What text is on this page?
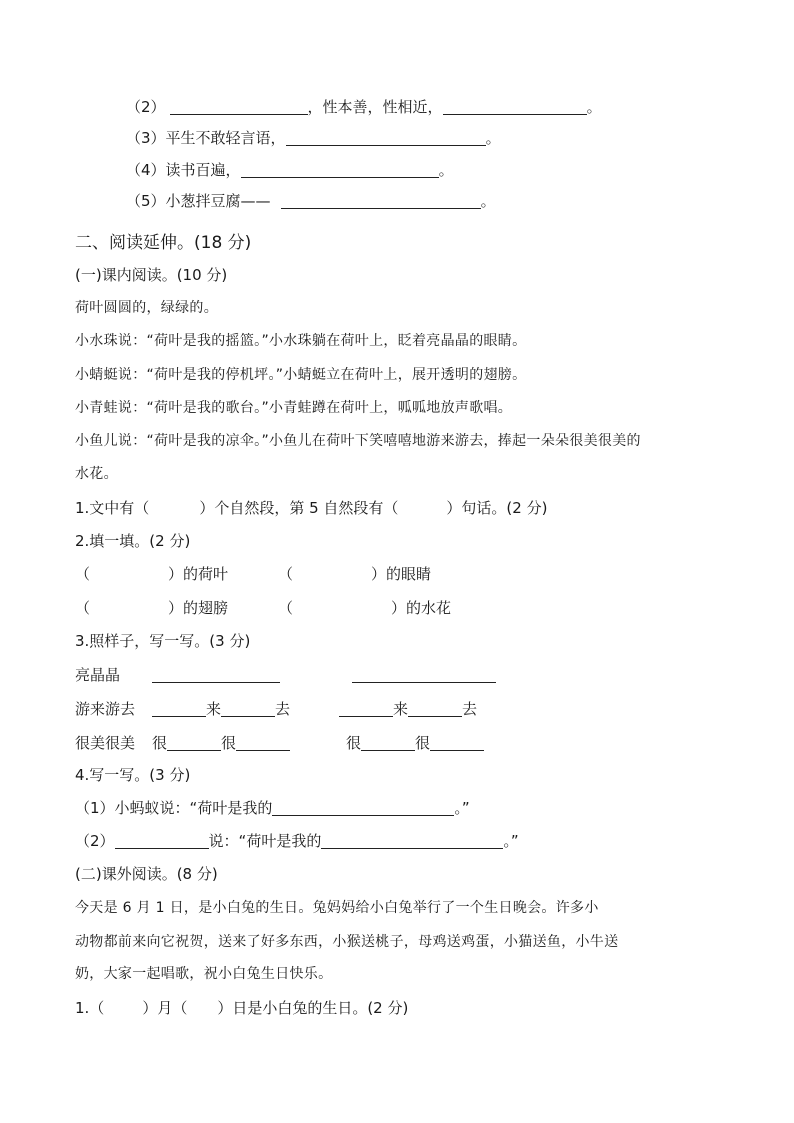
（2）	，性本善，性相近，	。
（3）平生不敢轻言语，	。
（4）读书百遍，	。
（5）小葱拌豆腐——	。
二、阅读延伸。(18 分)
(一)课内阅读。(10 分)
荷叶圆圆的，绿绿的。
小水珠说：“荷叶是我的摇篮。”小水珠躺在荷叶上，眨着亮晶晶的眼睛。
小蜻蜓说：“荷叶是我的停机坪。”小蜻蜓立在荷叶上，展开透明的翅膀。
小青蛙说：“荷叶是我的歌台。”小青蛙蹲在荷叶上，呱呱地放声歌唱。
小鱼儿说：“荷叶是我的凉伞。”小鱼儿在荷叶下笑嘻嘻地游来游去，捧起一朵朵很美很美的
水花。
1.文中有（	）个自然段，第 5 自然段有（	）句话。(2 分)
2.填一填。(2 分)
（	）的荷叶	（	）的眼睛
（	）的翅膀	（	）的水花
3.照样子，写一写。(3 分)
亮晶晶
游来游去	来	去	来	去
很美很美 很	很	很	很
4.写一写。(3 分)
（1）小蚂蚁说：“荷叶是我的	。”
（2）	说：“荷叶是我的	。”
(二)课外阅读。(8 分)
今天是 6 月 1 日，是小白兔的生日。兔妈妈给小白兔举行了一个生日晚会。许多小
动物都前来向它祝贺，送来了好多东西，小猴送桃子，母鸡送鸡蛋，小猫送鱼，小牛送
奶，大家一起唱歌，祝小白兔生日快乐。
1.（	）月（ ）日是小白兔的生日。(2 分)
